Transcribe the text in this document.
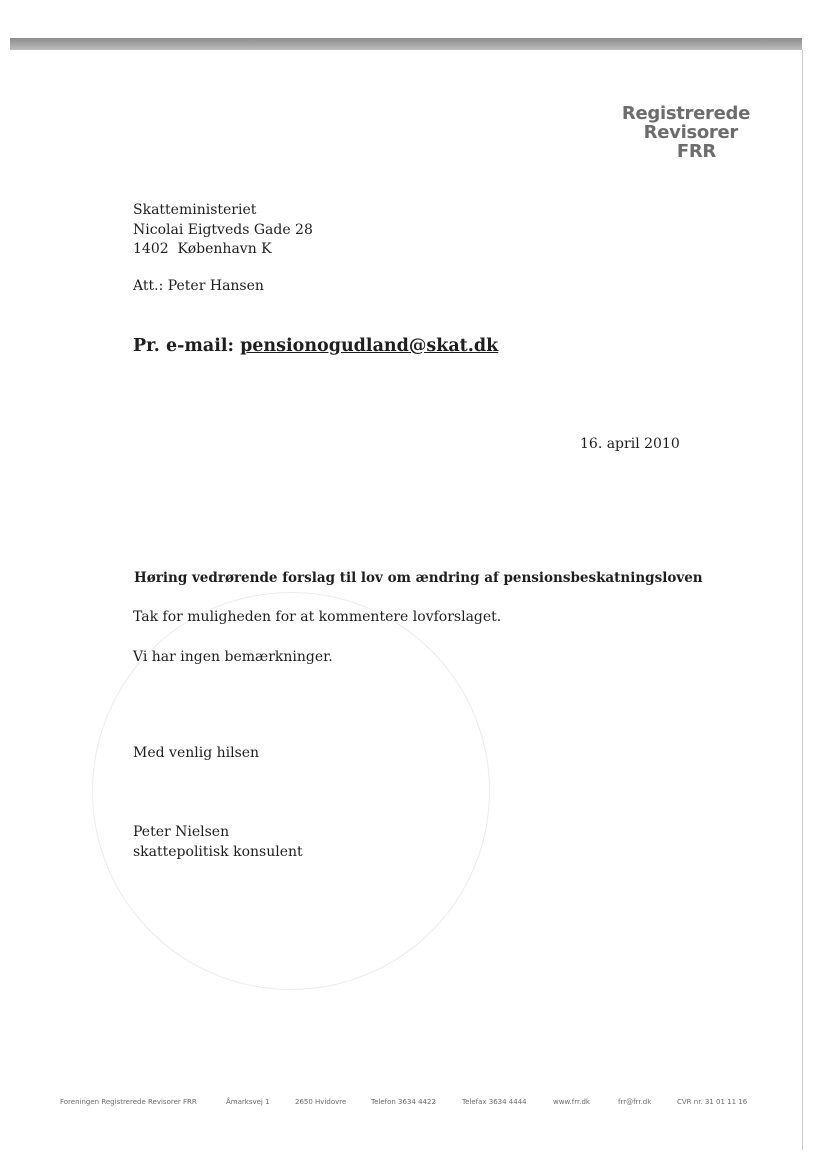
Registrerede
Revisorer
FRR
Skatteministeriet
Nicolai Eigtveds Gade 28
1402  København K
Att.: Peter Hansen
Pr. e-mail: pensionogudland@skat.dk
16. april 2010
Høring vedrørende forslag til lov om ændring af pensionsbeskatningsloven
Tak for muligheden for at kommentere lovforslaget.
Vi har ingen bemærkninger.
Med venlig hilsen
Peter Nielsen
skattepolitisk konsulent
Foreningen Registrerede Revisorer FRR	Åmarksvej 1	2650 Hvidovre	Telefon 3634 4422	Telefax 3634 4444	www.frr.dk	frr@frr.dk	CVR nr. 31 01 11 16
